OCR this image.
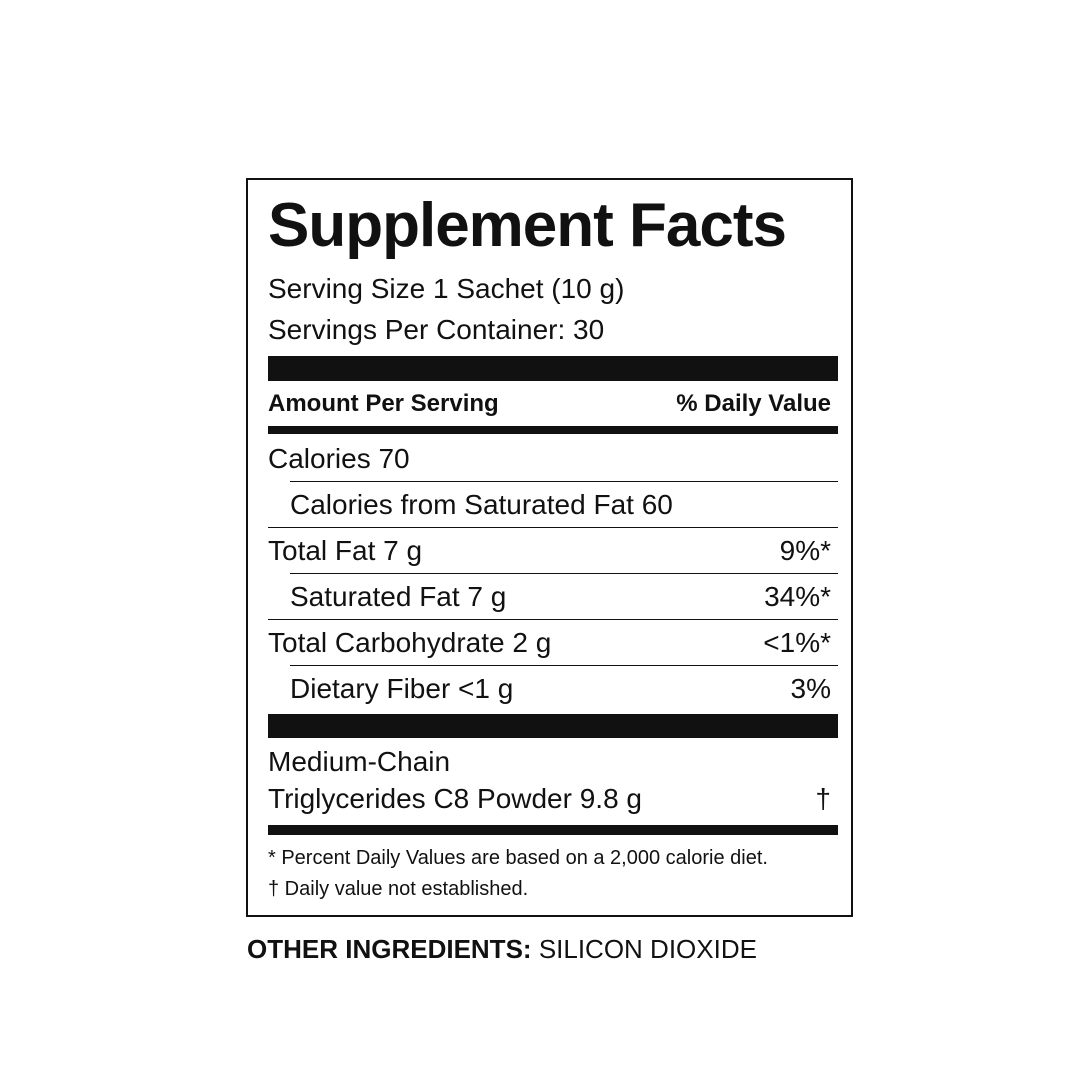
Supplement Facts
Serving Size 1 Sachet (10 g)
Servings Per Container: 30
Amount Per Serving	% Daily Value
Calories 70
Calories from Saturated Fat 60
Total Fat 7 g	9%*
Saturated Fat 7 g	34%*
Total Carbohydrate 2 g	<1%*
Dietary Fiber <1 g	3%
Medium-Chain
Triglycerides C8 Powder 9.8 g	†
* Percent Daily Values are based on a 2,000 calorie diet.
† Daily value not established.
OTHER INGREDIENTS: SILICON DIOXIDE
